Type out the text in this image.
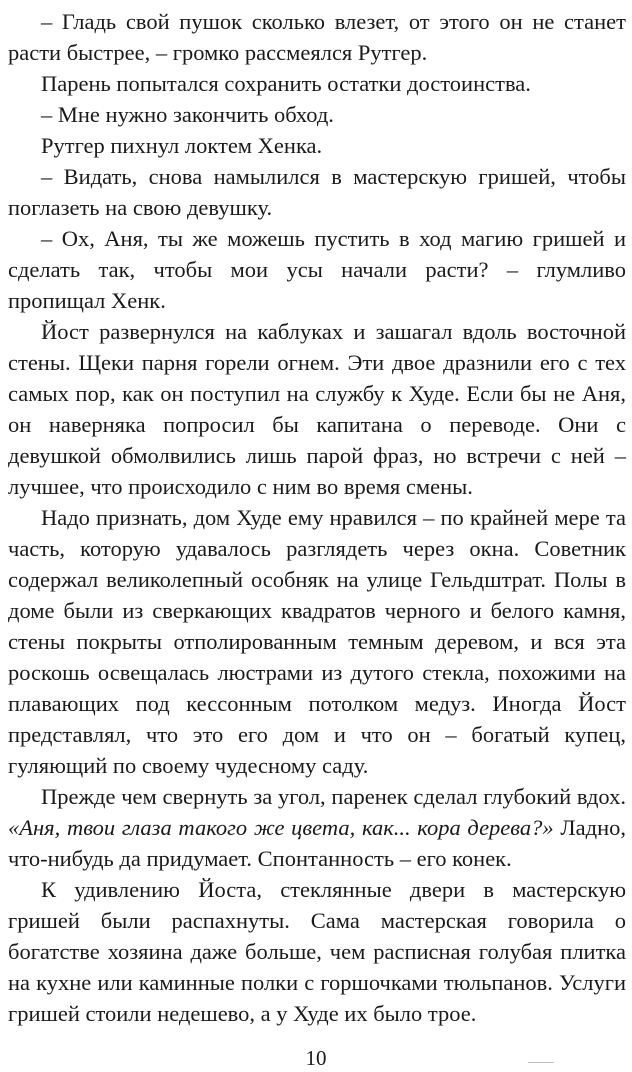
– Гладь свой пушок сколько влезет, от этого он не станет расти быстрее, – громко рассмеялся Рутгер.

Парень попытался сохранить остатки достоинства.

– Мне нужно закончить обход.

Рутгер пихнул локтем Хенка.

– Видать, снова намылился в мастерскую гришей, чтобы поглазеть на свою девушку.

– Ох, Аня, ты же можешь пустить в ход магию гришей и сделать так, чтобы мои усы начали расти? – глумливо пропищал Хенк.

Йост развернулся на каблуках и зашагал вдоль восточной стены. Щеки парня горели огнем. Эти двое дразнили его с тех самых пор, как он поступил на службу к Худе. Если бы не Аня, он наверняка попросил бы капитана о переводе. Они с девушкой обмолвились лишь парой фраз, но встречи с ней – лучшее, что происходило с ним во время смены.

Надо признать, дом Худе ему нравился – по крайней мере та часть, которую удавалось разглядеть через окна. Советник содержал великолепный особняк на улице Гельдштрат. Полы в доме были из сверкающих квадратов черного и белого камня, стены покрыты отполированным темным деревом, и вся эта роскошь освещалась люстрами из дутого стекла, похожими на плавающих под кессонным потолком медуз. Иногда Йост представлял, что это его дом и что он – богатый купец, гуляющий по своему чудесному саду.

Прежде чем свернуть за угол, паренек сделал глубокий вдох. «Аня, твои глаза такого же цвета, как... кора дерева?» Ладно, что-нибудь да придумает. Спонтанность – его конек.

К удивлению Йоста, стеклянные двери в мастерскую гришей были распахнуты. Сама мастерская говорила о богатстве хозяина даже больше, чем расписная голубая плитка на кухне или каминные полки с горшочками тюльпанов. Услуги гришей стоили недешево, а у Худе их было трое.

10
